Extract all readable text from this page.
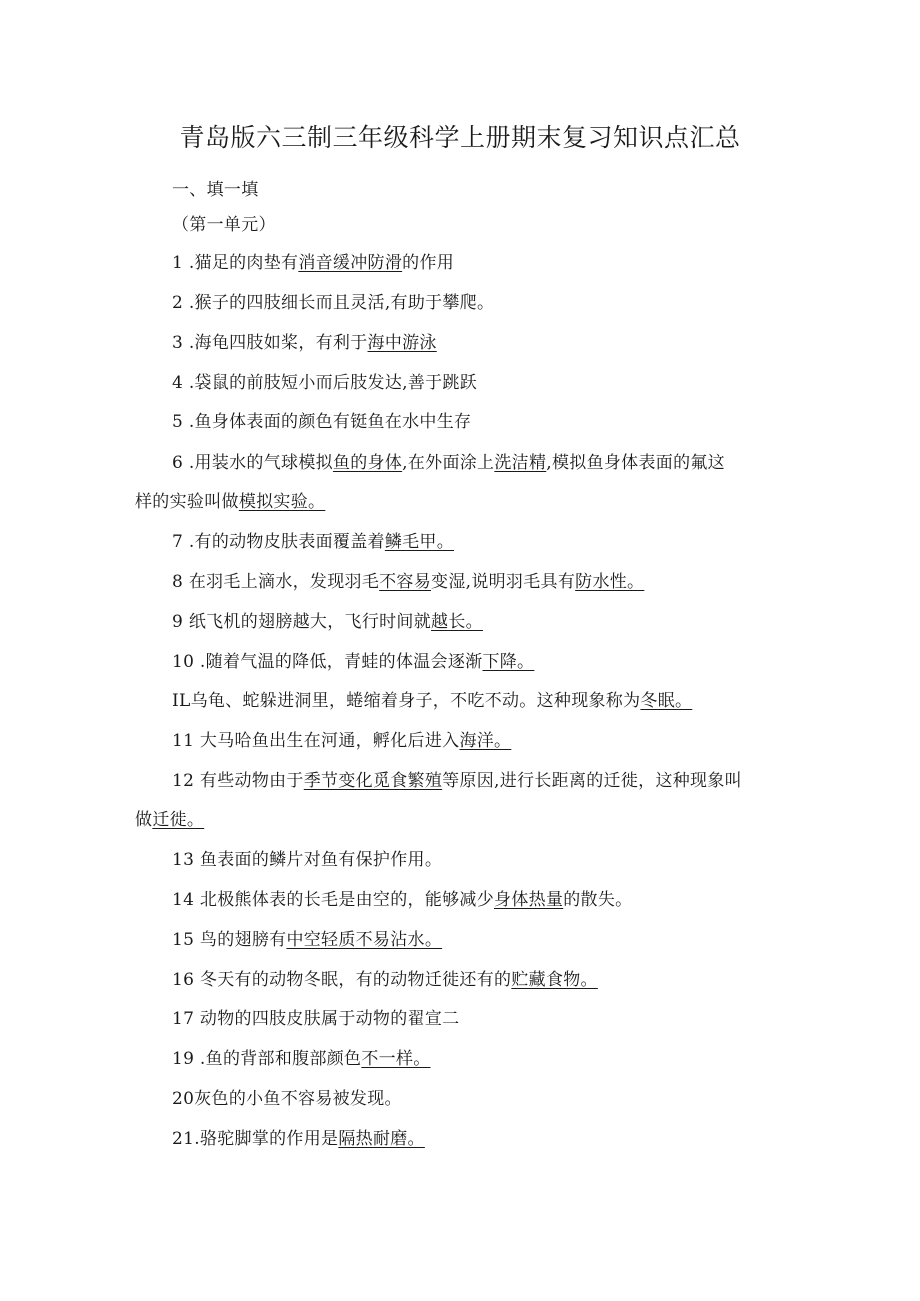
青岛版六三制三年级科学上册期末复习知识点汇总
一、填一填
（第一单元）
1 .猫足的肉垫有消音缓冲防滑的作用
2 .猴子的四肢细长而且灵活,有助于攀爬。
3 .海龟四肢如桨，有利于海中游泳
4 .袋鼠的前肢短小而后肢发达,善于跳跃
5 .鱼身体表面的颜色有铤鱼在水中生存
6 .用装水的气球模拟鱼的身体,在外面涂上洗洁精,模拟鱼身体表面的氟这
样的实验叫做模拟实验。
7 .有的动物皮肤表面覆盖着鳞毛甲。
8 在羽毛上滴水，发现羽毛不容易变湿,说明羽毛具有防水性。
9 纸飞机的翅膀越大，飞行时间就越长。
10 .随着气温的降低，青蛙的体温会逐渐下降。
IL乌龟、蛇躲进洞里，蜷缩着身子，不吃不动。这种现象称为冬眠。
11 大马哈鱼出生在河通，孵化后进入海洋。
12 有些动物由于季节变化觅食繁殖等原因,进行长距离的迁徙，这种现象叫
做迁徙。
13 鱼表面的鳞片对鱼有保护作用。
14 北极熊体表的长毛是由空的，能够减少身体热量的散失。
15 鸟的翅膀有中空轻质不易沾水。
16 冬天有的动物冬眠，有的动物迁徙还有的贮藏食物。
17 动物的四肢皮肤属于动物的翟宣二
19 .鱼的背部和腹部颜色不一样。
20灰色的小鱼不容易被发现。
21.骆驼脚掌的作用是隔热耐磨。
